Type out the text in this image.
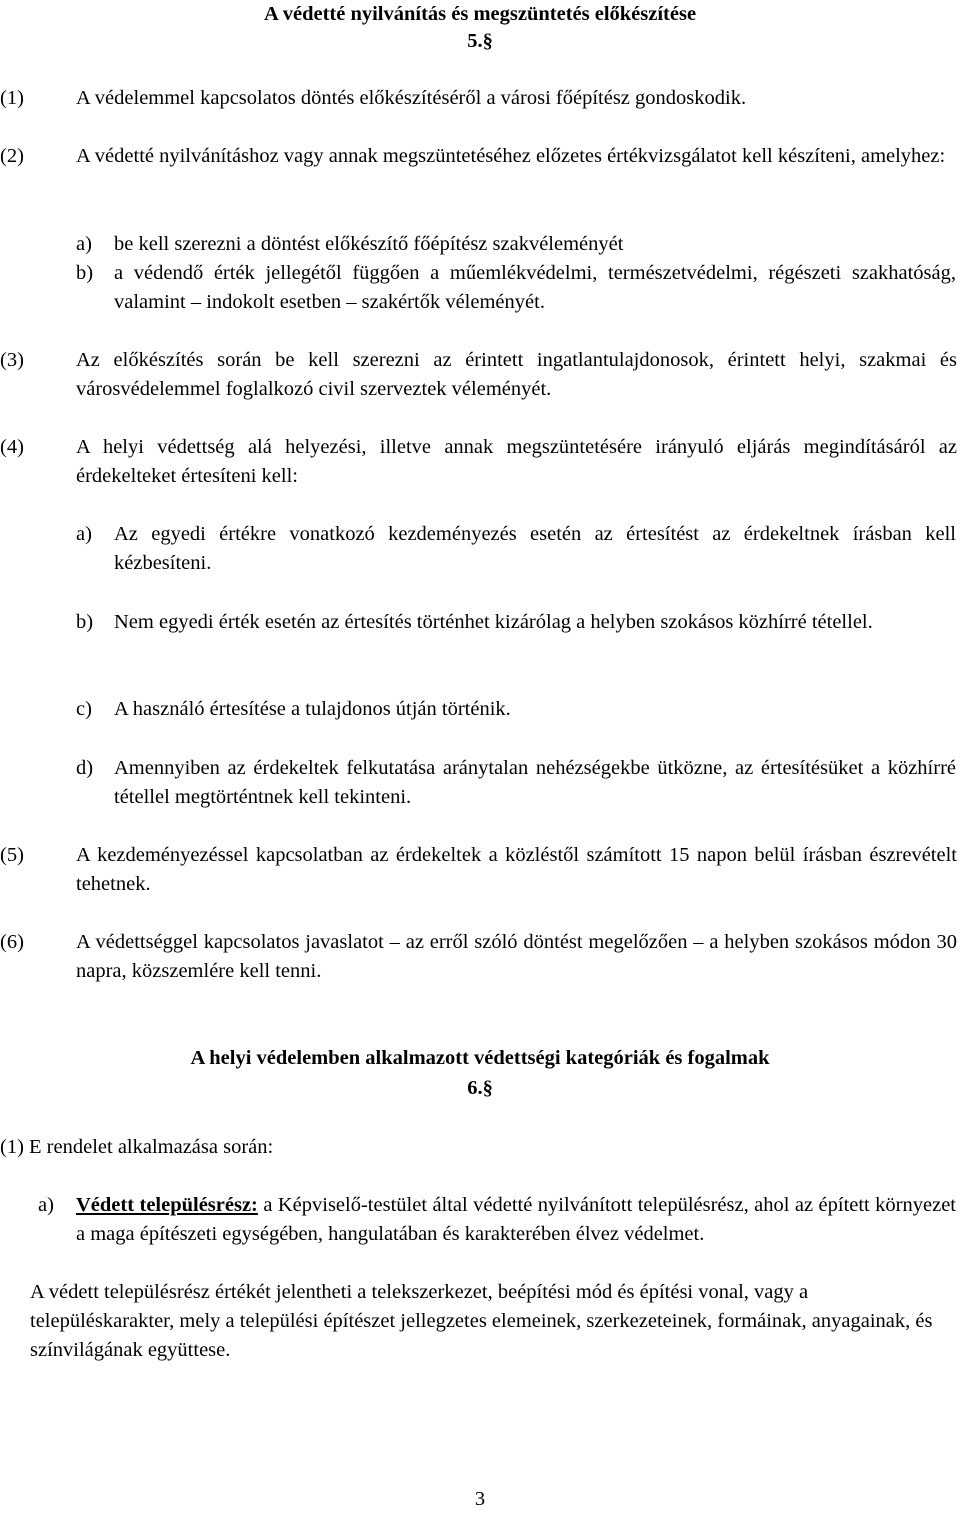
A védetté nyilvánítás és megszüntetés előkészítése
5.§
(1)	A védelemmel kapcsolatos döntés előkészítéséről a városi főépítész gondoskodik.
(2)	A védetté nyilvánításhoz vagy annak megszüntetéséhez előzetes értékvizsgálatot kell készíteni, amelyhez:
a)	be kell szerezni a döntést előkészítő főépítész szakvéleményét
b)	a védendő érték jellegétől függően a műemlékvédelmi, természetvédelmi, régészeti szakhatóság, valamint – indokolt esetben – szakértők véleményét.
(3)	Az előkészítés során be kell szerezni az érintett ingatlantulajdonosok, érintett helyi, szakmai és városvédelemmel foglalkozó civil szerveztek véleményét.
(4)	A helyi védettség alá helyezési, illetve annak megszüntetésére irányuló eljárás megindításáról az érdekelteket értesíteni kell:
a)	Az egyedi értékre vonatkozó kezdeményezés esetén az értesítést az érdekeltnek írásban kell kézbesíteni.
b)	Nem egyedi érték esetén az értesítés történhet kizárólag a helyben szokásos közhírré tétellel.
c)	A használó értesítése a tulajdonos útján történik.
d)	Amennyiben az érdekeltek felkutatása aránytalan nehézségekbe ütközne, az értesítésüket a közhírré tétellel megtörténtnek kell tekinteni.
(5)	A kezdeményezéssel kapcsolatban az érdekeltek a közléstől számított 15 napon belül írásban észrevételt tehetnek.
(6)	A védettséggel kapcsolatos javaslatot – az erről szóló döntést megelőzően – a helyben szokásos módon 30 napra, közszemlére kell tenni.
A helyi védelemben alkalmazott védettségi kategóriák és fogalmak
6.§
(1) E rendelet alkalmazása során:
a)	Védett településrész: a Képviselő-testület által védetté nyilvánított településrész, ahol az épített környezet a maga építészeti egységében, hangulatában és karakterében élvez védelmet.
A védett településrész értékét jelentheti a telekszerkezet, beépítési mód és építési vonal, vagy a településkarakter, mely a települési építészet jellegzetes elemeinek, szerkezeteinek, formáinak, anyagainak, és színvilágának együttese.
3
